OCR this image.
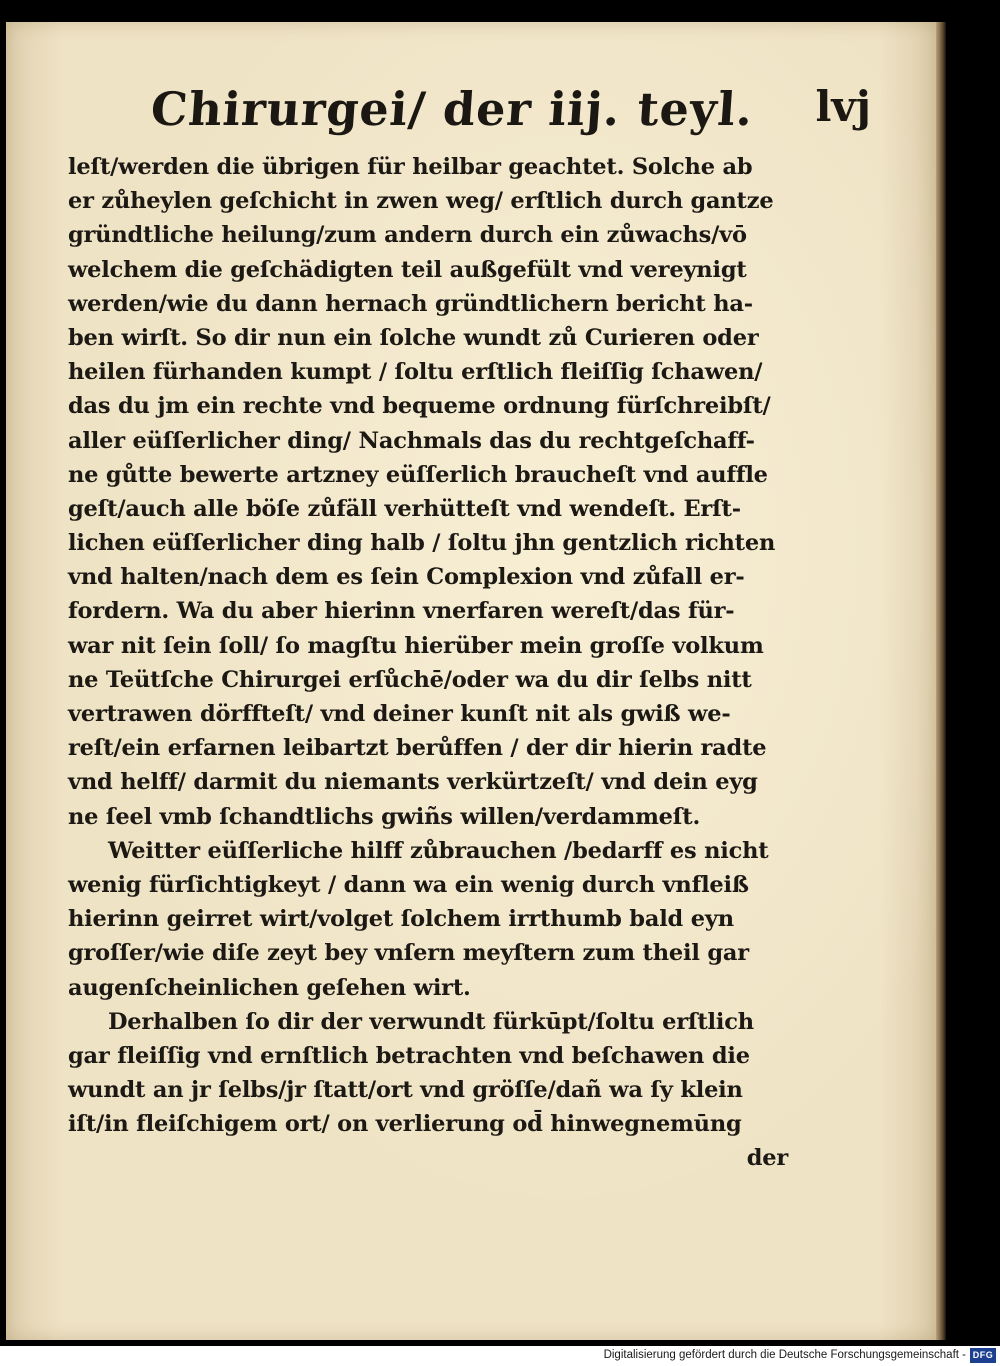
Chirurgei/ der iij. teyl. lvj
leſt/werden die übrigen für heilbar geachtet. Solche ab
er zůheylen geſchicht in zwen weg/ erſtlich durch gantze
gründtliche heilung/zum andern durch ein zůwachs/vō
welchem die geſchädigten teil außgefült vnd vereynigt
werden/wie du dann hernach gründtlichern bericht ha-
ben wirſt. So dir nun ein ſolche wundt zů Curieren oder
heilen fürhanden kumpt / ſoltu erſtlich fleiſſig ſchawen/
das du jm ein rechte vnd bequeme ordnung fürſchreibſt/
aller eüſſerlicher ding/ Nachmals das du rechtgeſchaff-
ne gůtte bewerte artzney eüſſerlich braucheſt vnd auffle
geſt/auch alle böſe zůfäll verhütteſt vnd wendeſt. Erſt-
lichen eüſſerlicher ding halb / ſoltu jhn gentzlich richten
vnd halten/nach dem es ſein Complexion vnd zůfall er-
fordern. Wa du aber hierinn vnerfaren wereſt/das für-
war nit ſein ſoll/ ſo magſtu hierüber mein groſſe volkum
ne Teütſche Chirurgei erſůchē/oder wa du dir ſelbs nitt
vertrawen dörffteſt/ vnd deiner kunſt nit als gwiß we-
reſt/ein erfarnen leibartzt berůffen / der dir hierin radte
vnd helff/ darmit du niemants verkürtzeſt/ vnd dein eyg
ne ſeel vmb ſchandtlichs gwiñs willen/verdammeſt.
Weitter eüſſerliche hilff zůbrauchen /bedarff es nicht
wenig fürſichtigkeyt / dann wa ein wenig durch vnfleiß
hierinn geirret wirt/volget ſolchem irrthumb bald eyn
groſſer/wie diſe zeyt bey vnſern meyſtern zum theil gar
augenſcheinlichen geſehen wirt.
Derhalben ſo dir der verwundt fürkūpt/ſoltu erſtlich
gar fleiſſig vnd ernſtlich betrachten vnd beſchawen die
wundt an jr ſelbs/jr ſtatt/ort vnd gröſſe/dañ wa ſy klein
iſt/in fleiſchigem ort/ on verlierung od̄ hinwegnemūng
der
Digitalisierung gefördert durch die Deutsche Forschungsgemeinschaft - DFG
